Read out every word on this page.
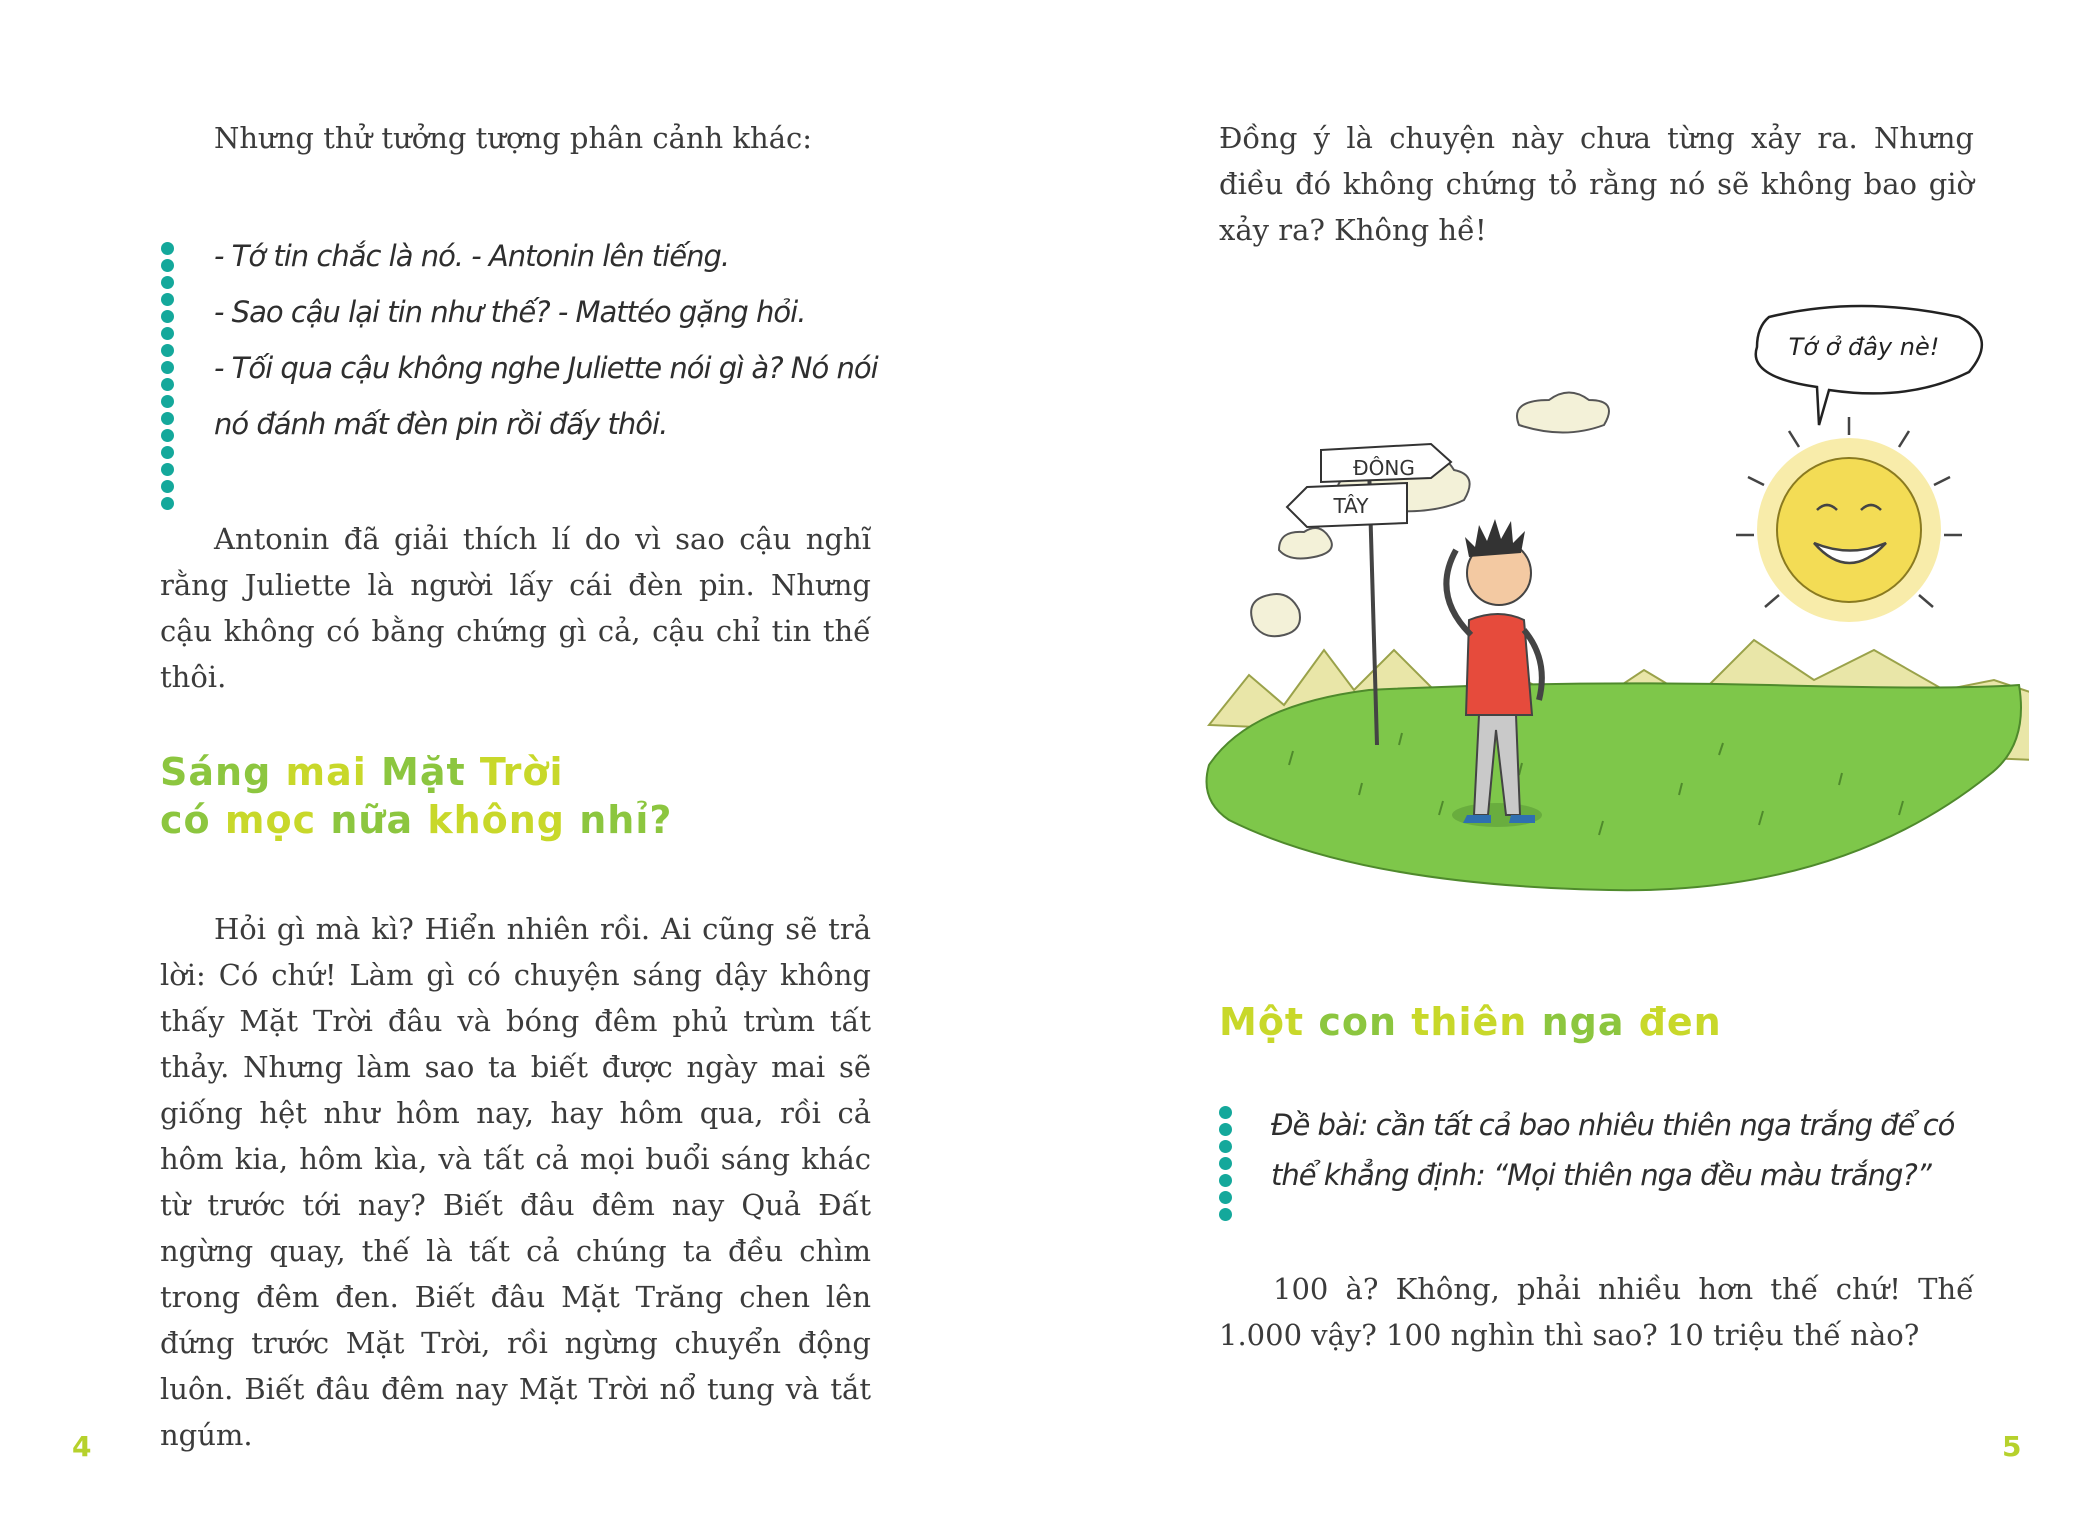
Nhưng thử tưởng tượng phân cảnh khác:

- Tớ tin chắc là nó. - Antonin lên tiếng.

- Sao cậu lại tin như thế? - Mattéo gặng hỏi.

- Tối qua cậu không nghe Juliette nói gì à? Nó nói nó đánh mất đèn pin rồi đấy thôi.

Antonin đã giải thích lí do vì sao cậu nghĩ rằng Juliette là người lấy cái đèn pin. Nhưng cậu không có bằng chứng gì cả, cậu chỉ tin thế thôi.

Sáng mai Mặt Trời
có mọc nữa không nhỉ?

Hỏi gì mà kì? Hiển nhiên rồi. Ai cũng sẽ trả lời: Có chứ! Làm gì có chuyện sáng dậy không thấy Mặt Trời đâu và bóng đêm phủ trùm tất thảy. Nhưng làm sao ta biết được ngày mai sẽ giống hệt như hôm nay, hay hôm qua, rồi cả hôm kia, hôm kìa, và tất cả mọi buổi sáng khác từ trước tới nay? Biết đâu đêm nay Quả Đất ngừng quay, thế là tất cả chúng ta đều chìm trong đêm đen. Biết đâu Mặt Trăng chen lên đứng trước Mặt Trời, rồi ngừng chuyển động luôn. Biết đâu đêm nay Mặt Trời nổ tung và tắt ngúm.

4

Đồng ý là chuyện này chưa từng xảy ra. Nhưng điều đó không chứng tỏ rằng nó sẽ không bao giờ xảy ra? Không hề!

Tớ ở đây nè!
ĐÔNG
TÂY
Một con thiên nga đen

Đề bài: cần tất cả bao nhiêu thiên nga trắng để có thể khẳng định: “Mọi thiên nga đều màu trắng?”

100 à? Không, phải nhiều hơn thế chứ! Thế 1.000 vậy? 100 nghìn thì sao? 10 triệu thế nào?

5
